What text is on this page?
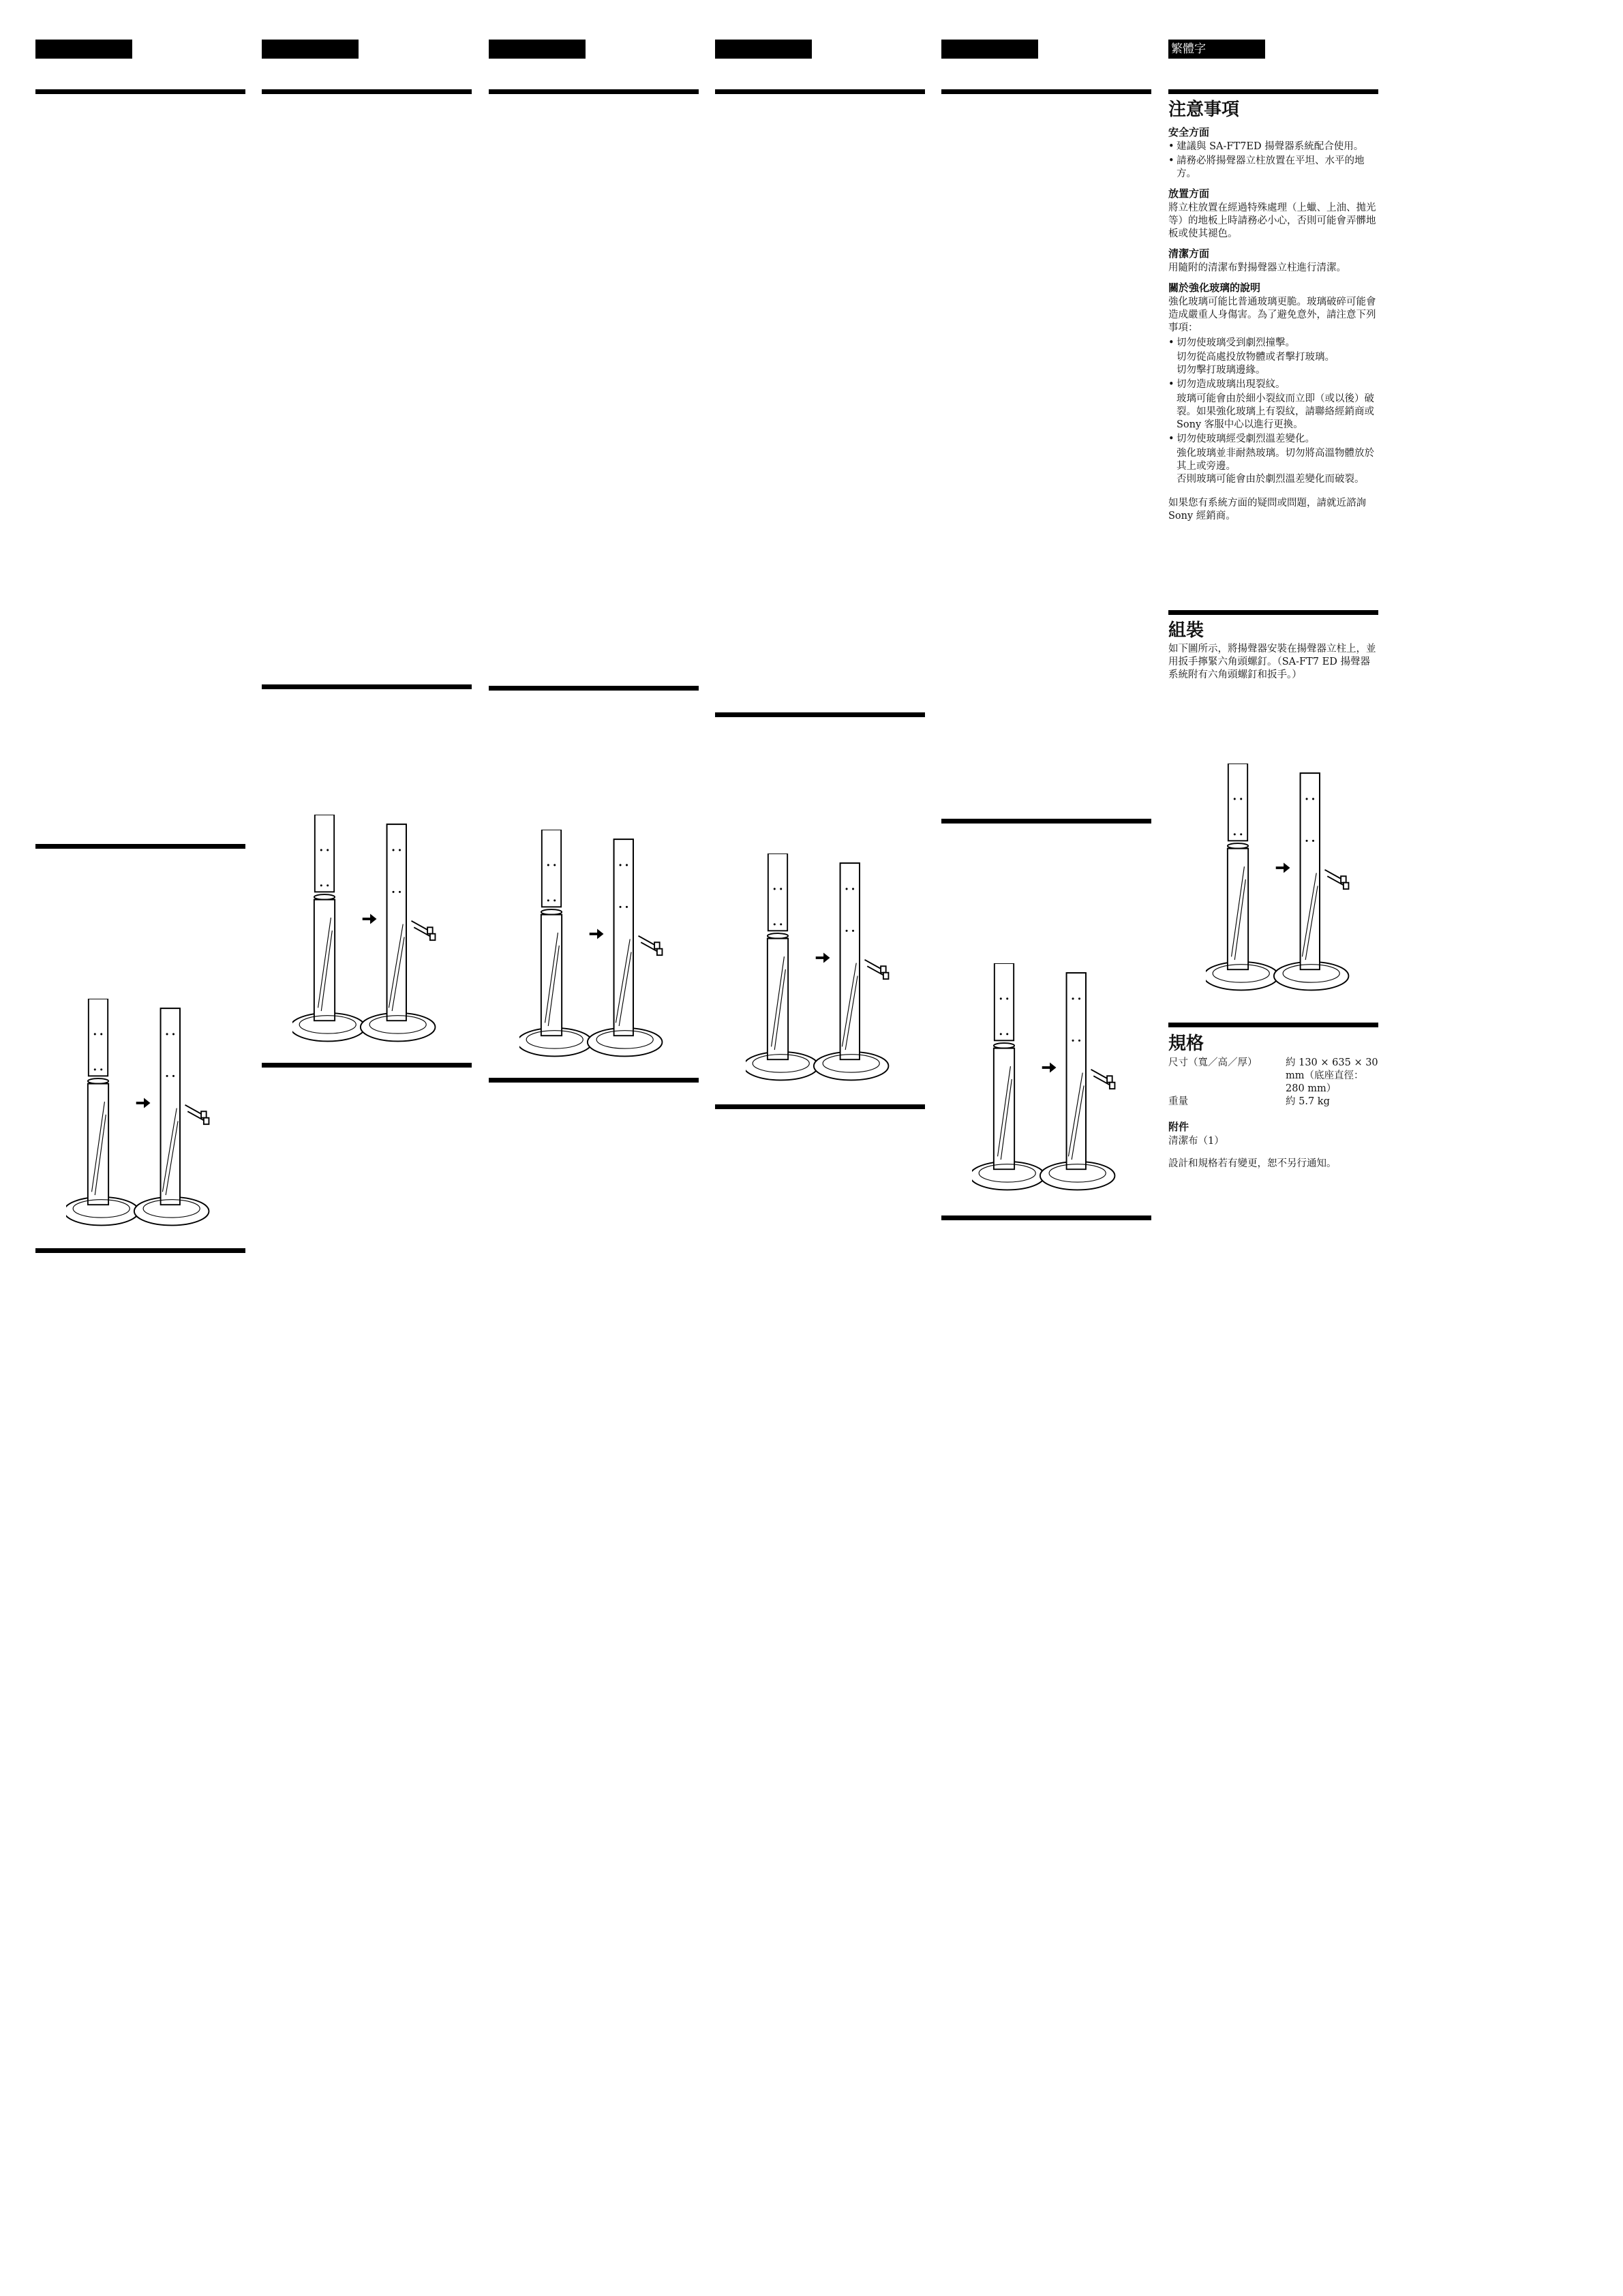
繁體字
注意事項
安全方面
• 建議與 SA-FT7ED 揚聲器系統配合使用。
• 請務必將揚聲器立柱放置在平坦、水平的地方。
放置方面
將立柱放置在經過特殊處理（上蠟、上油、拋光等）的地板上時請務必小心，否則可能會弄髒地板或使其褪色。
清潔方面
用隨附的清潔布對揚聲器立柱進行清潔。
關於強化玻璃的說明
強化玻璃可能比普通玻璃更脆。玻璃破碎可能會造成嚴重人身傷害。為了避免意外，請注意下列事項：
• 切勿使玻璃受到劇烈撞擊。
切勿從高處投放物體或者擊打玻璃。
切勿擊打玻璃邊緣。
• 切勿造成玻璃出現裂紋。
玻璃可能會由於細小裂紋而立即（或以後）破裂。如果強化玻璃上有裂紋，請聯絡經銷商或 Sony 客服中心以進行更換。
• 切勿使玻璃經受劇烈溫差變化。
強化玻璃並非耐熱玻璃。切勿將高溫物體放於其上或旁邊。
否則玻璃可能會由於劇烈溫差變化而破裂。
如果您有系統方面的疑問或問題，請就近諮詢Sony 經銷商。
組裝
如下圖所示，將揚聲器安裝在揚聲器立柱上，並用扳手擰緊六角頭螺釘。（SA-FT7 ED 揚聲器系統附有六角頭螺釘和扳手。）
規格
尺寸（寬／高／厚）	約 130 × 635 × 30 mm（底座直徑：280 mm）
重量	約 5.7 kg
附件
清潔布（1）
設計和規格若有變更，恕不另行通知。
